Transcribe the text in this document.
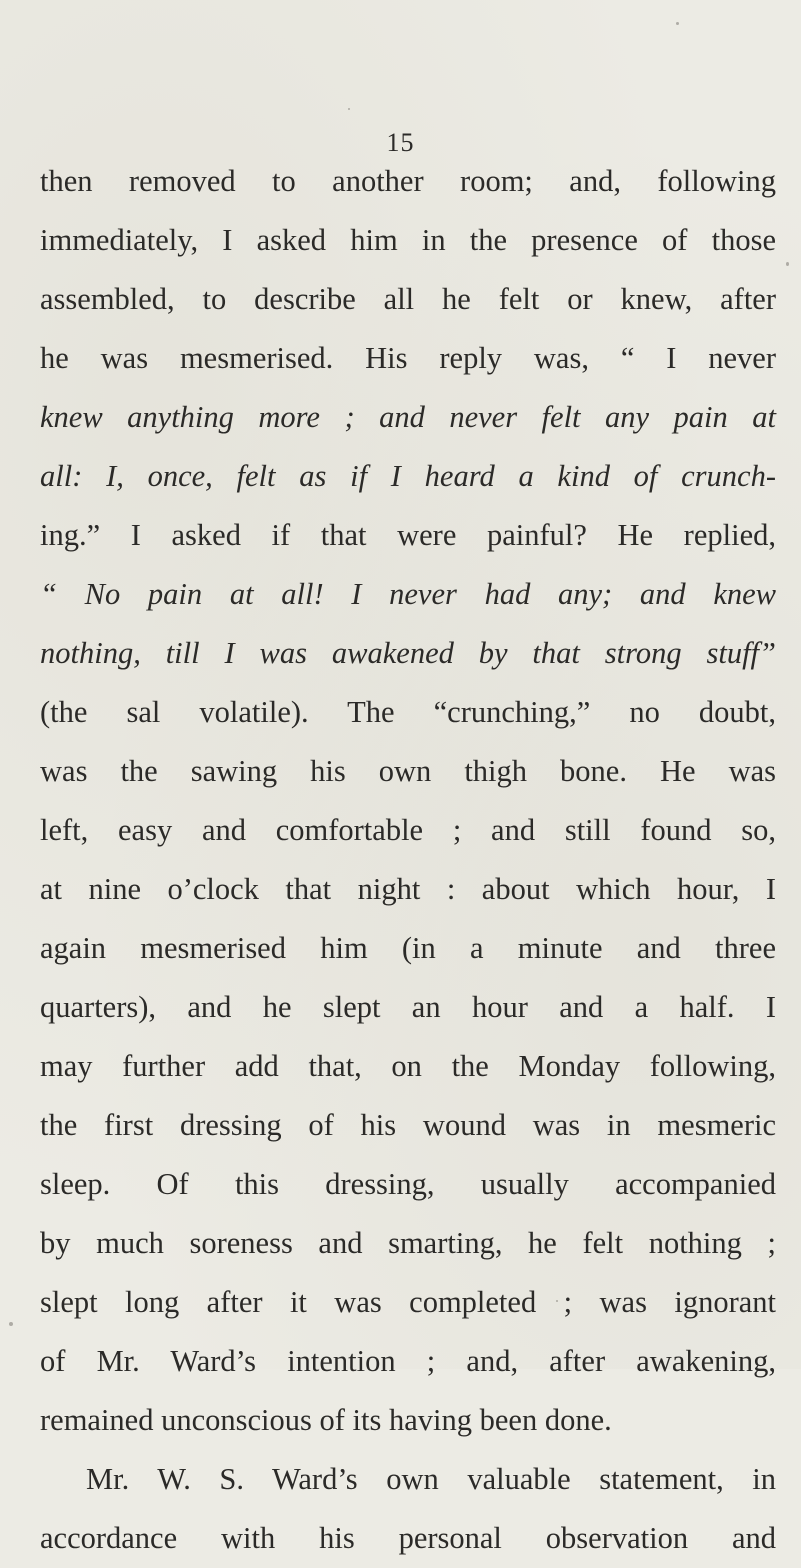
15
then removed to another room; and, following
immediately, I asked him in the presence of those
assembled, to describe all he felt or knew, after
he was mesmerised. His reply was, “ I never
knew anything more ; and never felt any pain at
all: I, once, felt as if I heard a kind of crunch-
ing.” I asked if that were painful? He replied,
“ No pain at all! I never had any; and knew
nothing, till I was awakened by that strong stuff”
(the sal volatile). The “crunching,” no doubt,
was the sawing his own thigh bone. He was
left, easy and comfortable ; and still found so,
at nine o’clock that night : about which hour, I
again mesmerised him (in a minute and three
quarters), and he slept an hour and a half. I
may further add that, on the Monday following,
the first dressing of his wound was in mesmeric
sleep. Of this dressing, usually accompanied
by much soreness and smarting, he felt nothing ;
slept long after it was completed ; was ignorant
of Mr. Ward’s intention ; and, after awakening,
remained unconscious of its having been done.
Mr. W. S. Ward’s own valuable statement, in
accordance with his personal observation and
